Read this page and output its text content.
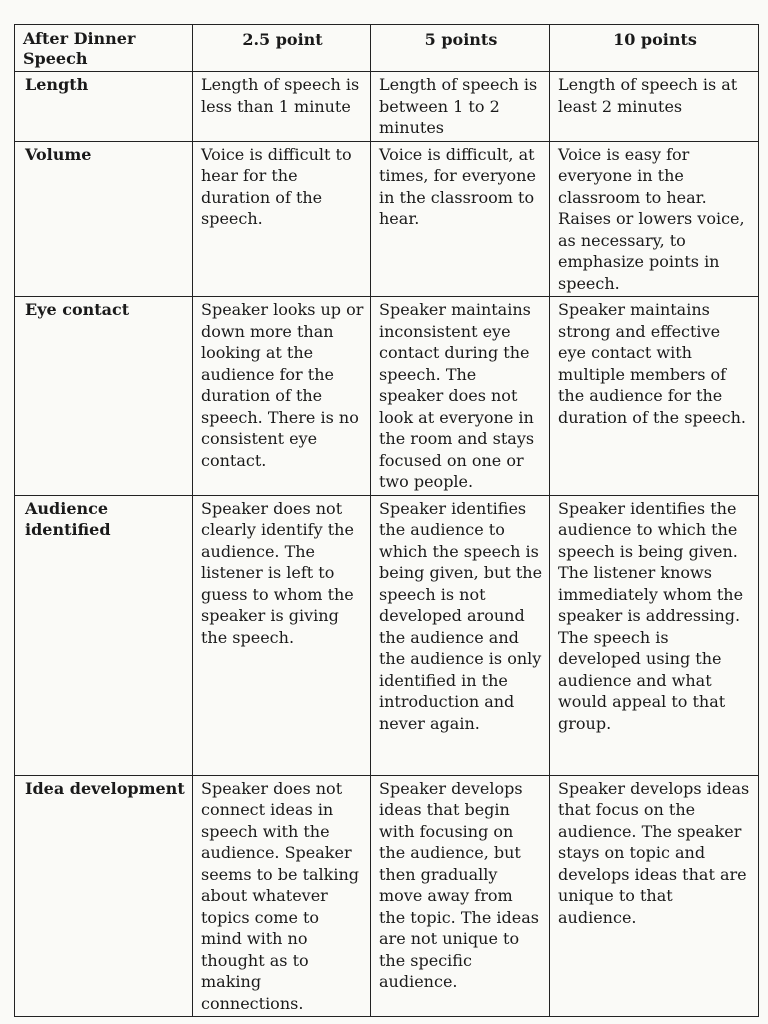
After Dinner Speech	2.5 point	5 points	10 points
Length	Length of speech is less than 1 minute	Length of speech is between 1 to 2 minutes	Length of speech is at least 2 minutes
Volume	Voice is difficult to hear for the duration of the speech.	Voice is difficult, at times, for everyone in the classroom to hear.	Voice is easy for everyone in the classroom to hear. Raises or lowers voice, as necessary, to emphasize points in speech.
Eye contact	Speaker looks up or down more than looking at the audience for the duration of the speech. There is no consistent eye contact.	Speaker maintains inconsistent eye contact during the speech. The speaker does not look at everyone in the room and stays focused on one or two people.	Speaker maintains strong and effective eye contact with multiple members of the audience for the duration of the speech.
Audience identified	Speaker does not clearly identify the audience. The listener is left to guess to whom the speaker is giving the speech.	Speaker identifies the audience to which the speech is being given, but the speech is not developed around the audience and the audience is only identified in the introduction and never again.	Speaker identifies the audience to which the speech is being given. The listener knows immediately whom the speaker is addressing. The speech is developed using the audience and what would appeal to that group.
Idea development	Speaker does not connect ideas in speech with the audience. Speaker seems to be talking about whatever topics come to mind with no thought as to making connections.	Speaker develops ideas that begin with focusing on the audience, but then gradually move away from the topic. The ideas are not unique to the specific audience.	Speaker develops ideas that focus on the audience. The speaker stays on topic and develops ideas that are unique to that audience.
